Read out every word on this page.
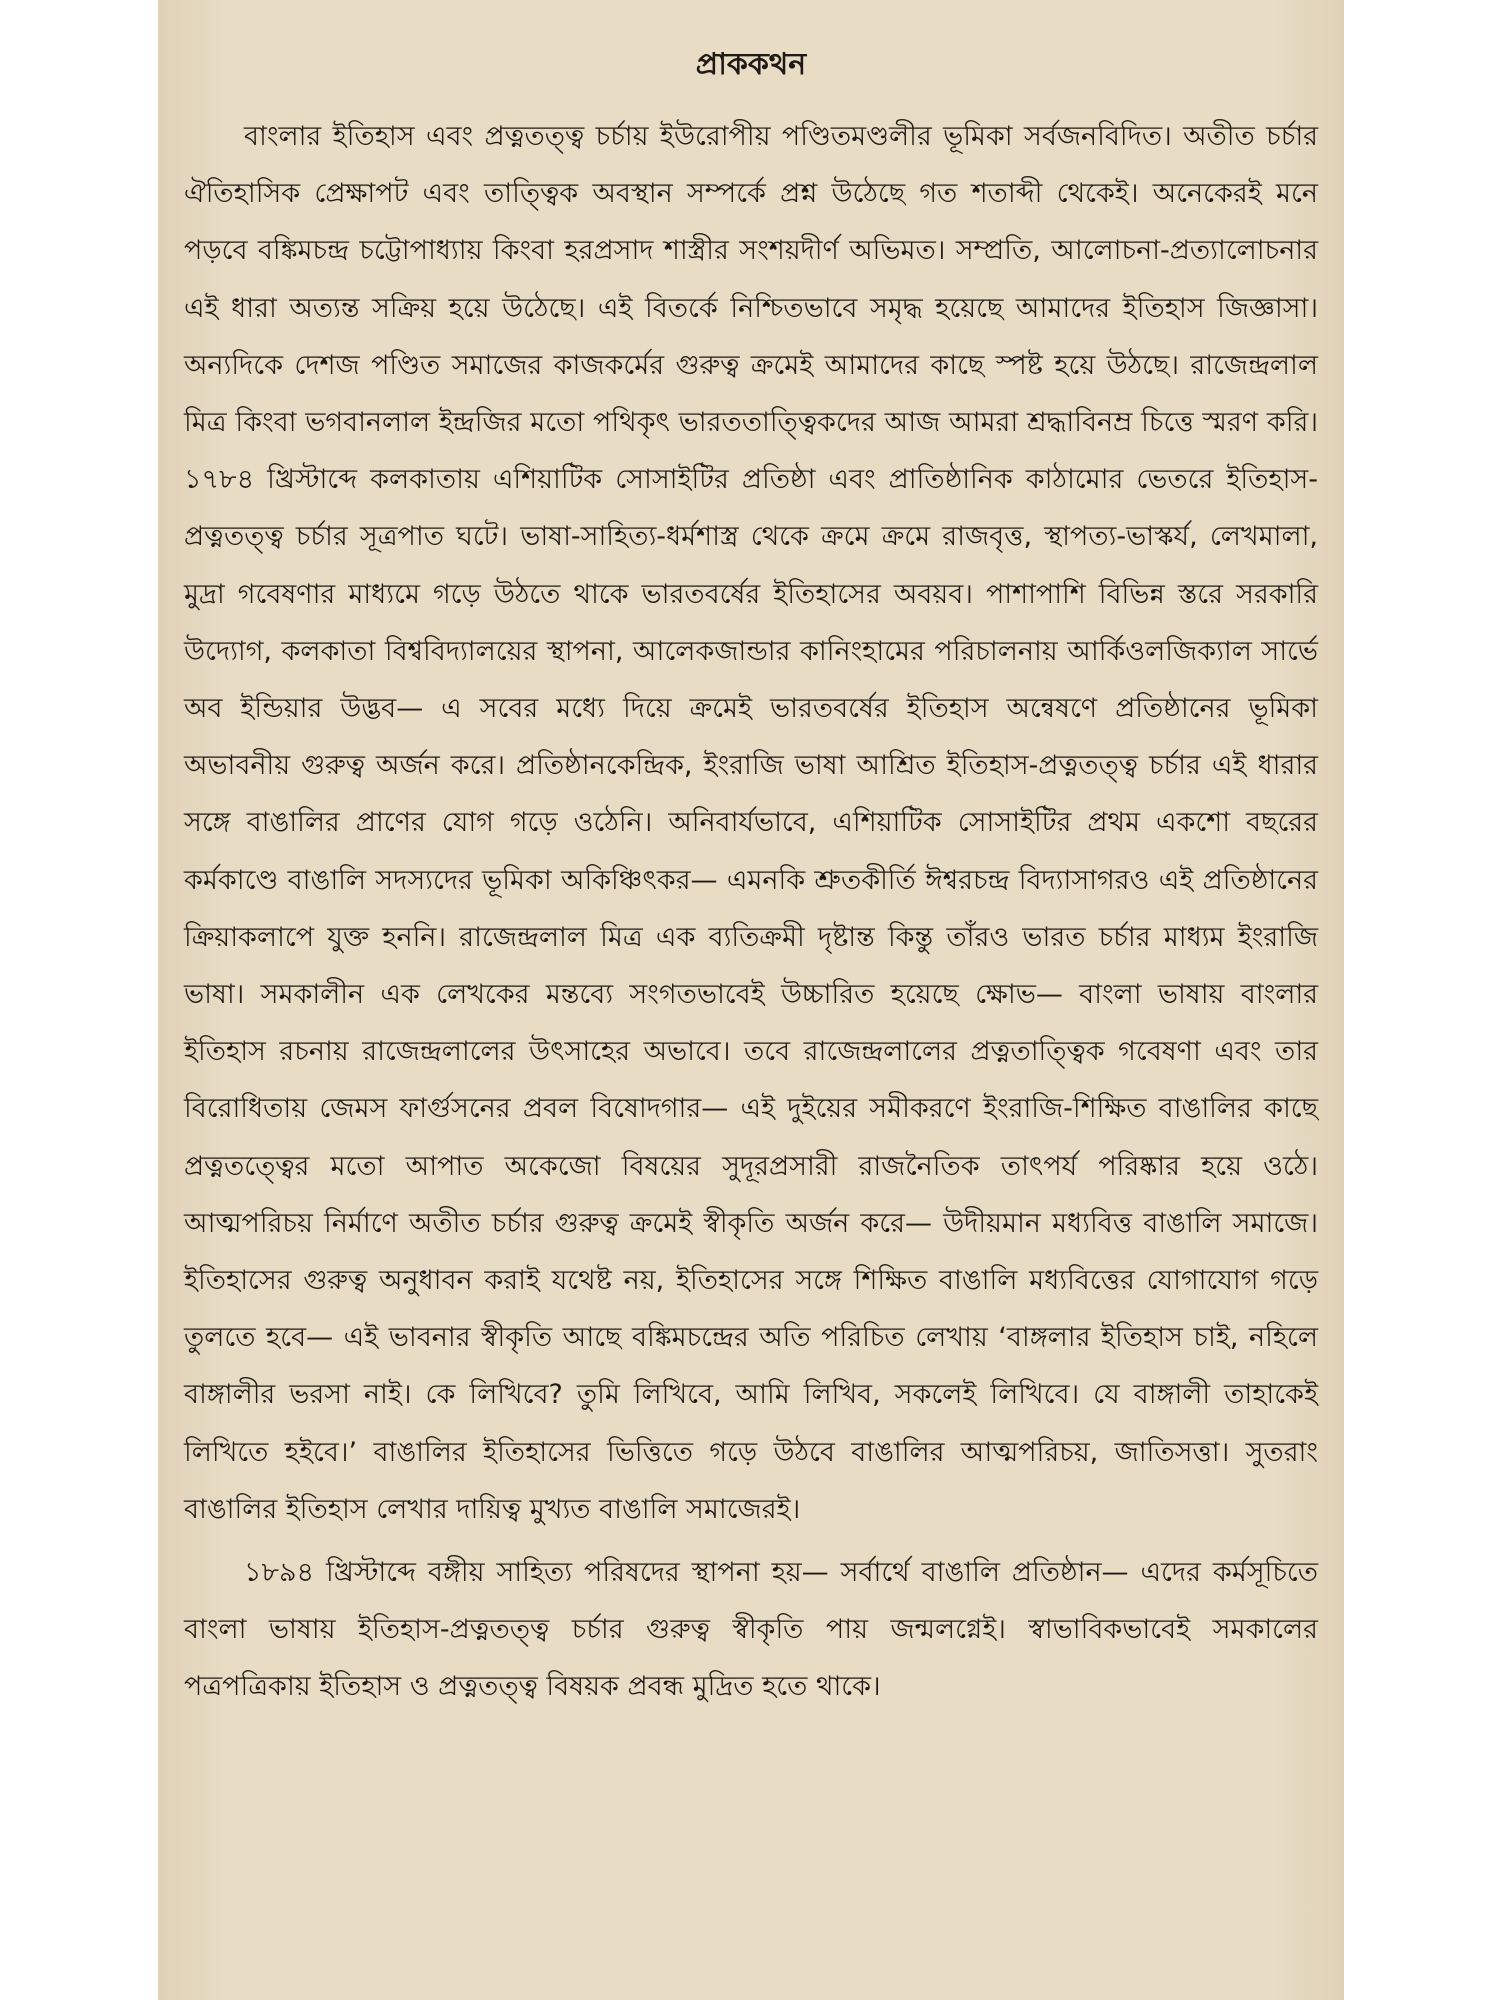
প্রাককথন

বাংলার ইতিহাস এবং প্রত্নতত্ত্ব চর্চায় ইউরোপীয় পণ্ডিতমণ্ডলীর ভূমিকা সর্বজনবিদিত। অতীত চর্চার ঐতিহাসিক প্রেক্ষাপট এবং তাত্ত্বিক অবস্থান সম্পর্কে প্রশ্ন উঠেছে গত শতাব্দী থেকেই। অনেকেরই মনে পড়বে বঙ্কিমচন্দ্র চট্টোপাধ্যায় কিংবা হরপ্রসাদ শাস্ত্রীর সংশয়দীর্ণ অভিমত। সম্প্রতি, আলোচনা-প্রত্যালোচনার এই ধারা অত্যন্ত সক্রিয় হয়ে উঠেছে। এই বিতর্কে নিশ্চিতভাবে সমৃদ্ধ হয়েছে আমাদের ইতিহাস জিজ্ঞাসা। অন্যদিকে দেশজ পণ্ডিত সমাজের কাজকর্মের গুরুত্ব ক্রমেই আমাদের কাছে স্পষ্ট হয়ে উঠছে। রাজেন্দ্রলাল মিত্র কিংবা ভগবানলাল ইন্দ্রজির মতো পথিকৃৎ ভারততাত্ত্বিকদের আজ আমরা শ্রদ্ধাবিনম্র চিত্তে স্মরণ করি। ১৭৮৪ খ্রিস্টাব্দে কলকাতায় এশিয়াটিক সোসাইটির প্রতিষ্ঠা এবং প্রাতিষ্ঠানিক কাঠামোর ভেতরে ইতিহাস-প্রত্নতত্ত্ব চর্চার সূত্রপাত ঘটে। ভাষা-সাহিত্য-ধর্মশাস্ত্র থেকে ক্রমে ক্রমে রাজবৃত্ত, স্থাপত্য-ভাস্কর্য, লেখমালা, মুদ্রা গবেষণার মাধ্যমে গড়ে উঠতে থাকে ভারতবর্ষের ইতিহাসের অবয়ব। পাশাপাশি বিভিন্ন স্তরে সরকারি উদ্যোগ, কলকাতা বিশ্ববিদ্যালয়ের স্থাপনা, আলেকজান্ডার কানিংহামের পরিচালনায় আর্কিওলজিক্যাল সার্ভে অব ইন্ডিয়ার উদ্ভব— এ সবের মধ্যে দিয়ে ক্রমেই ভারতবর্ষের ইতিহাস অন্বেষণে প্রতিষ্ঠানের ভূমিকা অভাবনীয় গুরুত্ব অর্জন করে। প্রতিষ্ঠানকেন্দ্রিক, ইংরাজি ভাষা আশ্রিত ইতিহাস-প্রত্নতত্ত্ব চর্চার এই ধারার সঙ্গে বাঙালির প্রাণের যোগ গড়ে ওঠেনি। অনিবার্যভাবে, এশিয়াটিক সোসাইটির প্রথম একশো বছরের কর্মকাণ্ডে বাঙালি সদস্যদের ভূমিকা অকিঞ্চিৎকর— এমনকি শ্রুতকীর্তি ঈশ্বরচন্দ্র বিদ্যাসাগরও এই প্রতিষ্ঠানের ক্রিয়াকলাপে যুক্ত হননি। রাজেন্দ্রলাল মিত্র এক ব্যতিক্রমী দৃষ্টান্ত কিন্তু তাঁরও ভারত চর্চার মাধ্যম ইংরাজি ভাষা। সমকালীন এক লেখকের মন্তব্যে সংগতভাবেই উচ্চারিত হয়েছে ক্ষোভ— বাংলা ভাষায় বাংলার ইতিহাস রচনায় রাজেন্দ্রলালের উৎসাহের অভাবে। তবে রাজেন্দ্রলালের প্রত্নতাত্ত্বিক গবেষণা এবং তার বিরোধিতায় জেমস ফার্গুসনের প্রবল বিষোদগার— এই দুইয়ের সমীকরণে ইংরাজি-শিক্ষিত বাঙালির কাছে প্রত্নতত্ত্বের মতো আপাত অকেজো বিষয়ের সুদূরপ্রসারী রাজনৈতিক তাৎপর্য পরিষ্কার হয়ে ওঠে। আত্মপরিচয় নির্মাণে অতীত চর্চার গুরুত্ব ক্রমেই স্বীকৃতি অর্জন করে— উদীয়মান মধ্যবিত্ত বাঙালি সমাজে। ইতিহাসের গুরুত্ব অনুধাবন করাই যথেষ্ট নয়, ইতিহাসের সঙ্গে শিক্ষিত বাঙালি মধ্যবিত্তের যোগাযোগ গড়ে তুলতে হবে— এই ভাবনার স্বীকৃতি আছে বঙ্কিমচন্দ্রের অতি পরিচিত লেখায় ‘বাঙ্গলার ইতিহাস চাই, নহিলে বাঙ্গালীর ভরসা নাই। কে লিখিবে? তুমি লিখিবে, আমি লিখিব, সকলেই লিখিবে। যে বাঙ্গালী তাহাকেই লিখিতে হইবে।’ বাঙালির ইতিহাসের ভিত্তিতে গড়ে উঠবে বাঙালির আত্মপরিচয়, জাতিসত্তা। সুতরাং বাঙালির ইতিহাস লেখার দায়িত্ব মুখ্যত বাঙালি সমাজেরই।

১৮৯৪ খ্রিস্টাব্দে বঙ্গীয় সাহিত্য পরিষদের স্থাপনা হয়— সর্বার্থে বাঙালি প্রতিষ্ঠান— এদের কর্মসূচিতে বাংলা ভাষায় ইতিহাস-প্রত্নতত্ত্ব চর্চার গুরুত্ব স্বীকৃতি পায় জন্মলগ্নেই। স্বাভাবিকভাবেই সমকালের পত্রপত্রিকায় ইতিহাস ও প্রত্নতত্ত্ব বিষয়ক প্রবন্ধ মুদ্রিত হতে থাকে।
